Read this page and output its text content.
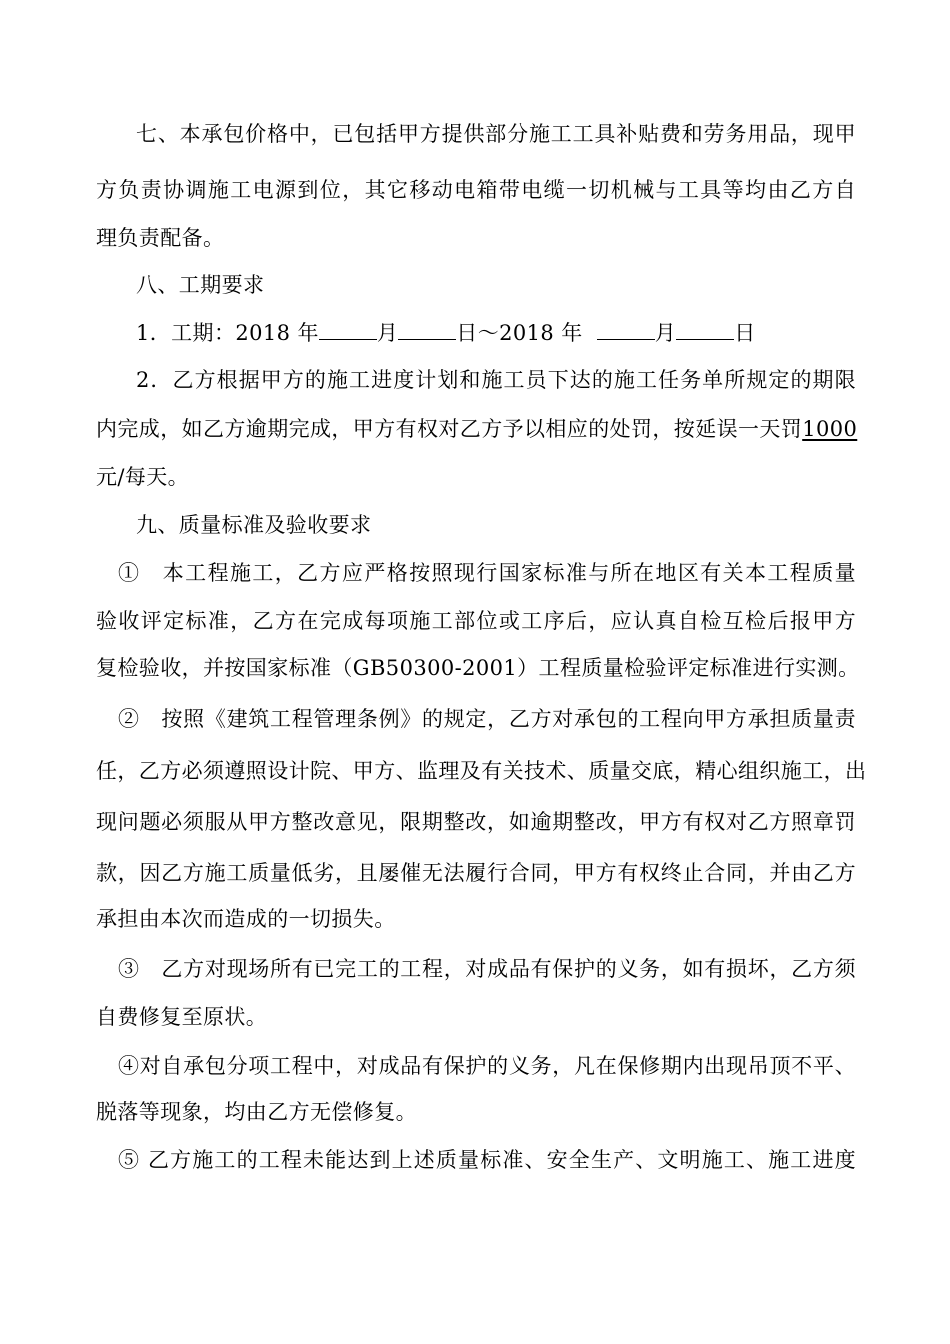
七、本承包价格中，已包括甲方提供部分施工工具补贴费和劳务用品，现甲
方负责协调施工电源到位，其它移动电箱带电缆一切机械与工具等均由乙方自
理负责配备。
八、工期要求
1．工期：2018 年	月	日～2018 年	月	日
2．乙方根据甲方的施工进度计划和施工员下达的施工任务单所规定的期限
内完成，如乙方逾期完成，甲方有权对乙方予以相应的处罚，按延误一天罚1000
元/每天。
九、质量标准及验收要求
①　本工程施工，乙方应严格按照现行国家标准与所在地区有关本工程质量
验收评定标准，乙方在完成每项施工部位或工序后，应认真自检互检后报甲方
复检验收，并按国家标准（GB50300-2001）工程质量检验评定标准进行实测。
②　按照《建筑工程管理条例》的规定，乙方对承包的工程向甲方承担质量责
任，乙方必须遵照设计院、甲方、监理及有关技术、质量交底，精心组织施工，出
现问题必须服从甲方整改意见，限期整改，如逾期整改，甲方有权对乙方照章罚
款，因乙方施工质量低劣，且屡催无法履行合同，甲方有权终止合同，并由乙方
承担由本次而造成的一切损失。
③　乙方对现场所有已完工的工程，对成品有保护的义务，如有损坏，乙方须
自费修复至原状。
④对自承包分项工程中，对成品有保护的义务，凡在保修期内出现吊顶不平、
脱落等现象，均由乙方无偿修复。
⑤ 乙方施工的工程未能达到上述质量标准、安全生产、文明施工、施工进度
